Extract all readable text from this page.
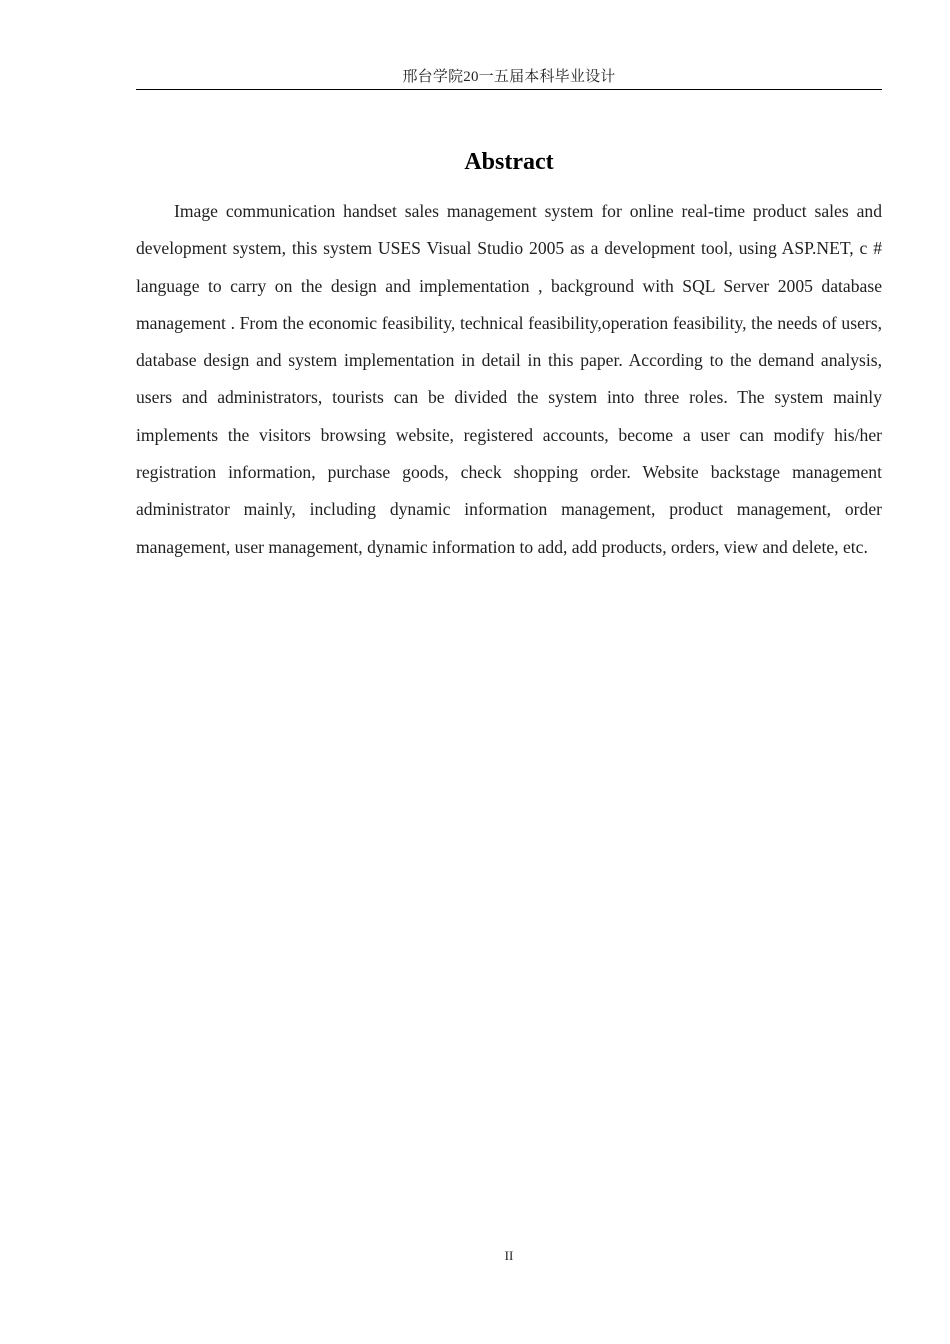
邢台学院20一五届本科毕业设计
Abstract

Image communication handset sales management system for online real-time product sales and development system, this system USES Visual Studio 2005 as a development tool, using ASP.NET, c # language to carry on the design and implementation , background with SQL Server 2005 database management . From the economic feasibility, technical feasibility,operation feasibility, the needs of users, database design and system implementation in detail in this paper. According to the demand analysis, users and administrators, tourists can be divided the system into three roles. The system mainly implements the visitors browsing website, registered accounts, become a user can modify his/her registration information, purchase goods, check shopping order. Website backstage management administrator mainly, including dynamic information management, product management, order management, user management, dynamic information to add, add products, orders, view and delete, etc.

II
